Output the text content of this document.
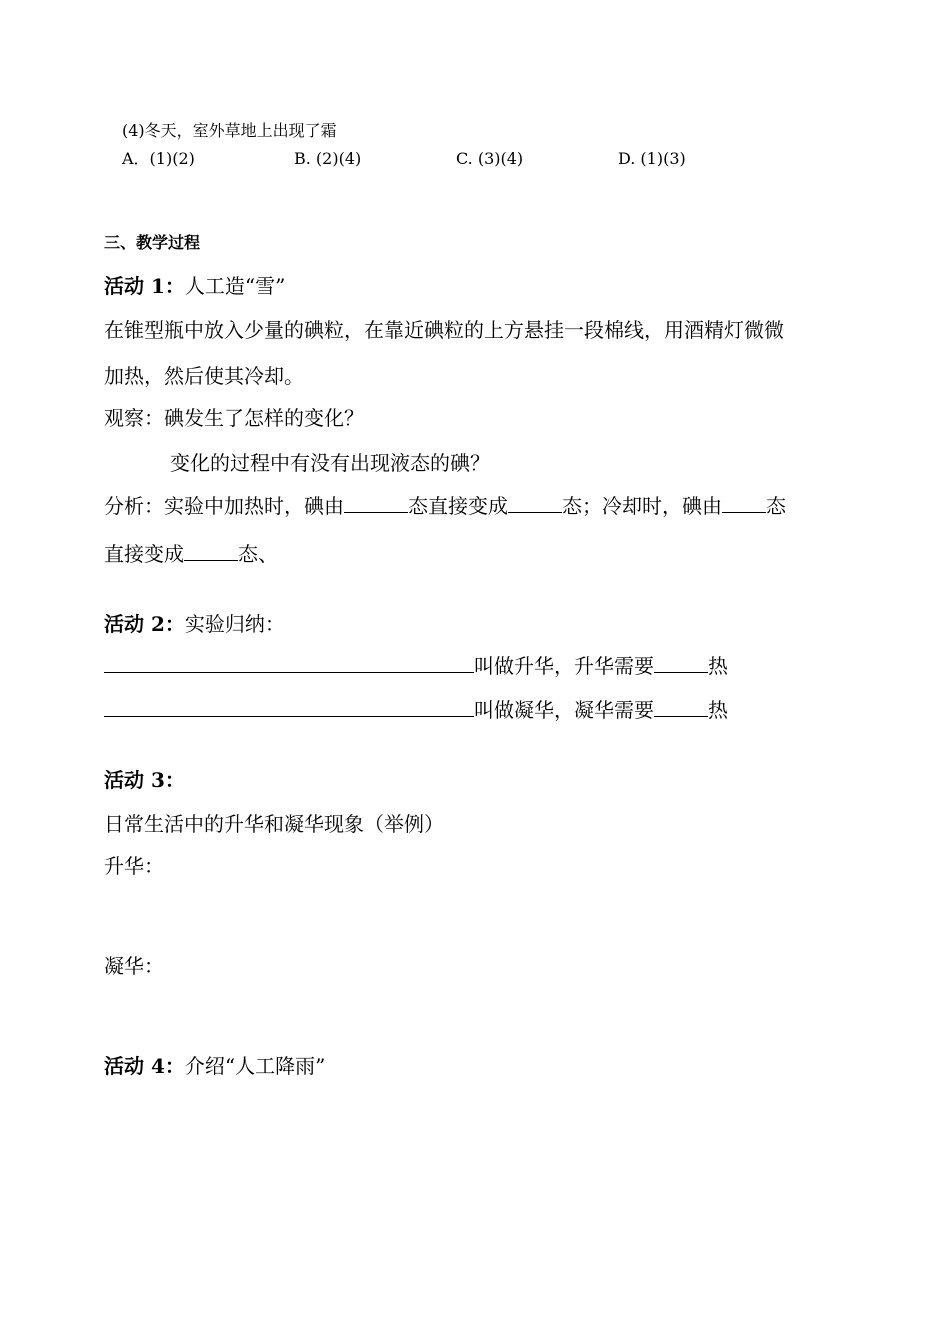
(4)冬天，室外草地上出现了霜
A．(1)(2)	B. (2)(4)	C. (3)(4)	D. (1)(3)
三、教学过程
活动 1：人工造“雪”
在锥型瓶中放入少量的碘粒，在靠近碘粒的上方悬挂一段棉线，用酒精灯微微
加热，然后使其冷却。
观察：碘发生了怎样的变化？
变化的过程中有没有出现液态的碘？
分析：实验中加热时，碘由	态直接变成	态；冷却时，碘由 态
直接变成	态、
活动 2：实验归纳：
叫做升华，升华需要	热
叫做凝华，凝华需要	热
活动 3：
日常生活中的升华和凝华现象（举例）
升华：
凝华：
活动 4：介绍“人工降雨”
